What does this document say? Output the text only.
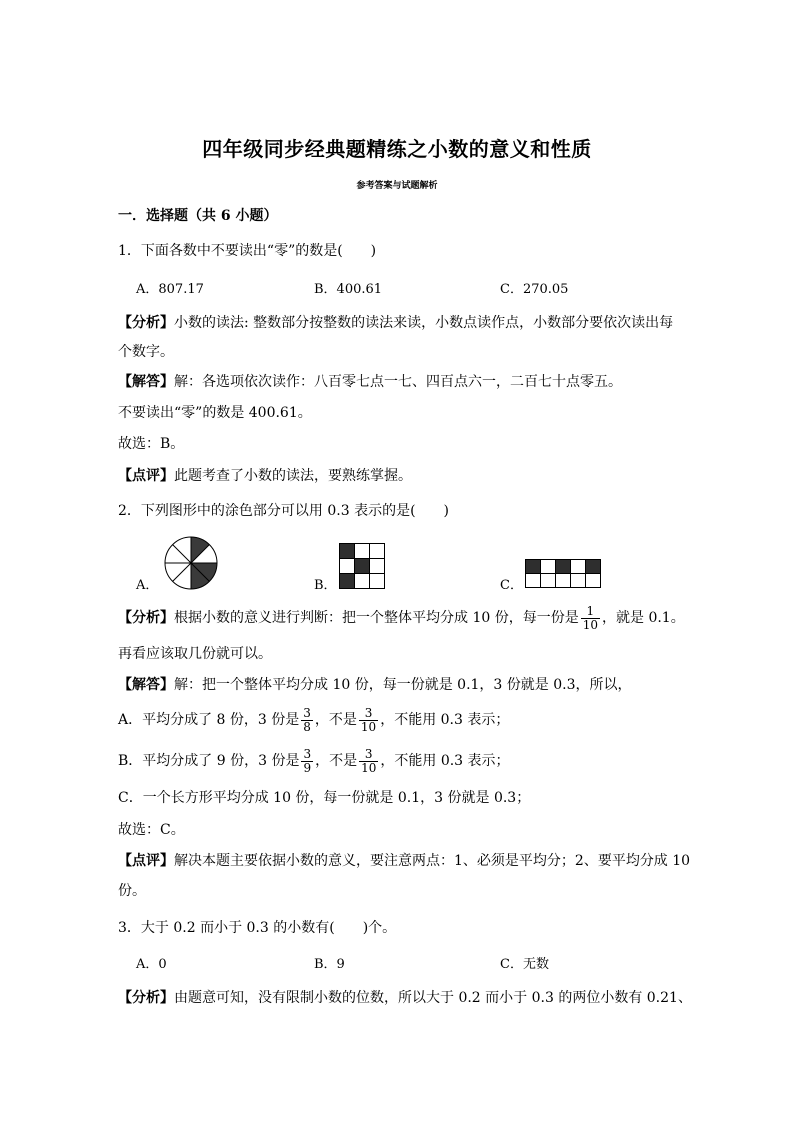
四年级同步经典题精练之小数的意义和性质
参考答案与试题解析
一．选择题（共 6 小题）
1．下面各数中不要读出“零”的数是(　　)
A．807.17	B．400.61	C．270.05
【分析】小数的读法: 整数部分按整数的读法来读，小数点读作点，小数部分要依次读出每
个数字。
【解答】解：各选项依次读作：八百零七点一七、四百点六一，二百七十点零五。
不要读出“零”的数是 400.61。
故选：B。
【点评】此题考查了小数的读法，要熟练掌握。
2．下列图形中的涂色部分可以用 0.3 表示的是(　　)
A．	B．	C．
【分析】根据小数的意义进行判断：把一个整体平均分成 10 份，每一份是 $\frac{1}{10}$ ，就是 0.1。
再看应该取几份就可以。
【解答】解：把一个整体平均分成 10 份，每一份就是 0.1，3 份就是 0.3，所以，
A．平均分成了 8 份，3 份是 $\frac{3}{8}$ ，不是 $\frac{3}{10}$ ，不能用 0.3 表示；
B．平均分成了 9 份，3 份是 $\frac{3}{9}$ ，不是 $\frac{3}{10}$ ，不能用 0.3 表示；
C．一个长方形平均分成 10 份，每一份就是 0.1，3 份就是 0.3；
故选：C。
【点评】解决本题主要依据小数的意义，要注意两点：1、必须是平均分；2、要平均分成 10
份。
3．大于 0.2 而小于 0.3 的小数有(　　)个。
A．0	B．9	C．无数
【分析】由题意可知，没有限制小数的位数，所以大于 0.2 而小于 0.3 的两位小数有 0.21、
